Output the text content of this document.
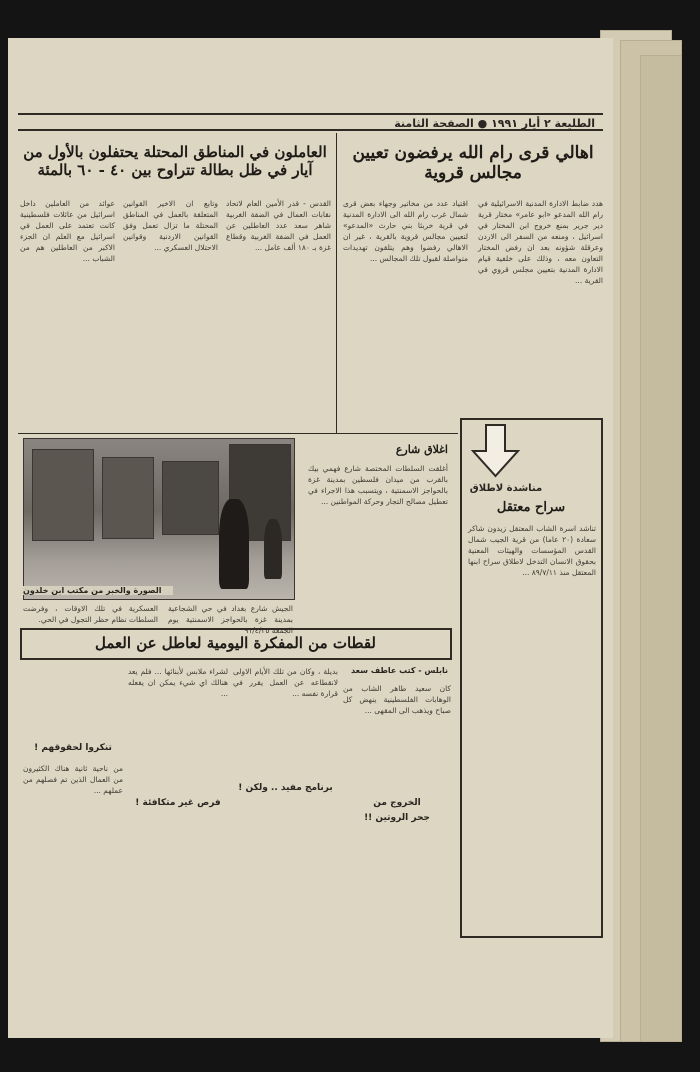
الطليعة ٢ أيار ١٩٩١ ● الصفحة الثامنة
اهالي قرى رام الله يرفضون تعيين مجالس قروية
هدد ضابط الادارة المدنية الاسرائيلية في رام الله المدعو «ابو عامر» مختار قرية دير جرير بمنع خروج ابن المختار في اسرائيل ، ومنعه من السفر الى الاردن وعرقلة شؤونه بعد ان رفض المختار التعاون معه ، وذلك على خلفية قيام الادارة المدنية بتعيين مجلس قروي في القرية ...
اقتياد عدد من مخاتير وجهاء بعض قرى شمال غرب رام الله الى الادارة المدنية في قرية خربثا بني حارث «المدعو» لتعيين مجالس قروية بالقرية ، غير ان الاهالي رفضوا وهم يتلقون تهديدات متواصلة لقبول تلك المجالس ...
العاملون في المناطق المحتلة يحتفلون بالأول من آيار في ظل بطالة تتراوح بين ٤٠ - ٦٠ بالمئة
عوائد من العاملين داخل اسرائيل من عائلات فلسطينية كانت تعتمد على العمل في اسرائيل مع العلم ان الجزء الاكبر من العاطلين هم من الشباب ...
وتابع ان الاخير القوانين المتعلقة بالعمل في المناطق المحتلة ما تزال تعمل وفق القوانين الاردنية وقوانين الاحتلال العسكري ...
القدس - قدر الأمين العام لاتحاد نقابات العمال في الضفة الغربية شاهر سعد عدد العاطلين عن العمل في الضفة الغربية وقطاع غزة بـ ١٨٠ ألف عامل ...
الصورة والخبر من مكتب ابن خلدون
العسكرية في تلك الاوقات ، وفرضت السلطات نظام حظر التجول في الحي.
الجيش شارع بغداد في حي الشجاعية بمدينة غزة بالحواجز الاسمنتية يوم الجمعة ٩١/٤/٢٥
اغلاق شارع
أغلقت السلطات المختصة شارع فهمي بيك بالقرب من ميدان فلسطين بمدينة غزة بالحواجز الاسمنتية ، ويتسبب هذا الاجراء في تعطيل مصالح التجار وحركة المواطنين ...
مناشدة لاطلاق
سراح معتقل
تناشد اسرة الشاب المعتقل زيدون شاكر سعادة (٢٠ عاما) من قرية الجيب شمال القدس المؤسسات والهيئات المعنية بحقوق الانسان التدخل لاطلاق سراح ابنها المعتقل منذ ٨٩/٧/١١ ...
لقطات من المفكرة اليومية لعاطل عن العمل
نابلس - كتب عاطف سعد
كان سعيد طاهر الشاب من الوهابات الفلسطينية ينهض كل صباح ويذهب الى المقهى ...
الخروج من
جحر الروتين !!
بديلة ، وكان من تلك الأيام الاولى لانقطاعه عن العمل يقرر في قرارة نفسه ...
برنامج مفيد .. ولكن !
لشراء ملابس لأبنائها ... فلم يعد هنالك اي شيء يمكن ان يفعله ...
فرص غير متكافئة !
تنكروا لحقوقهم !
من ناحية ثانية هناك الكثيرون من العمال الذين تم فصلهم من عملهم ...
